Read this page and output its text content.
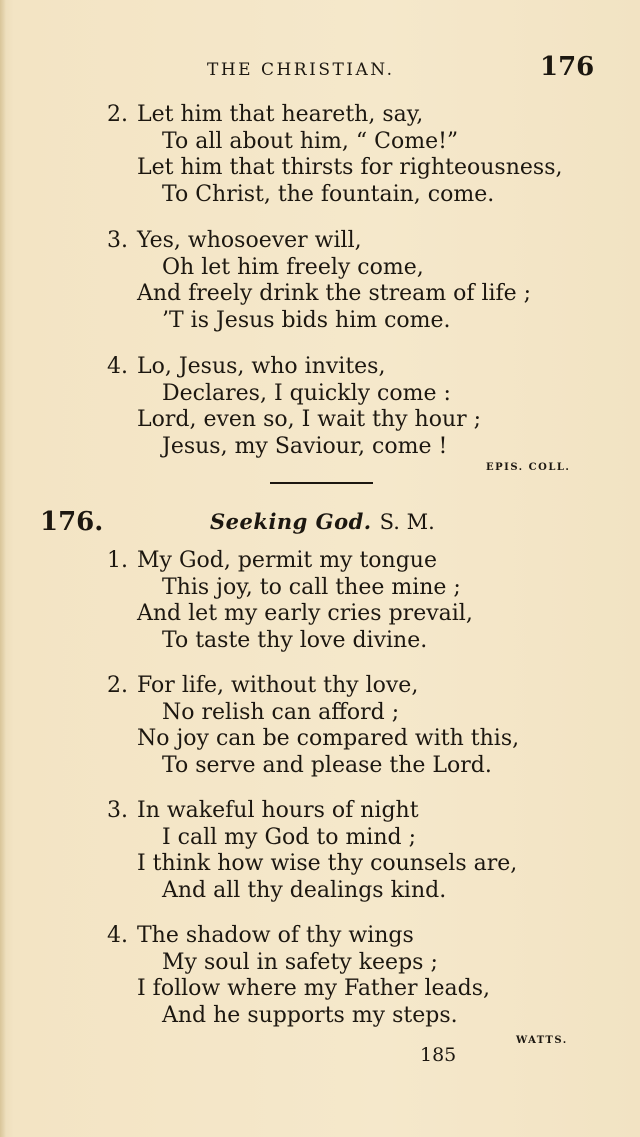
THE CHRISTIAN.	176
2. Let him that heareth, say,
To all about him, “ Come!”
Let him that thirsts for righteousness,
To Christ, the fountain, come.
3. Yes, whosoever will,
Oh let him freely come,
And freely drink the stream of life ;
’T is Jesus bids him come.
4. Lo, Jesus, who invites,
Declares, I quickly come :
Lord, even so, I wait thy hour ;
Jesus, my Saviour, come !
EPIS. COLL.
176.	Seeking God. S. M.
1. My God, permit my tongue
This joy, to call thee mine ;
And let my early cries prevail,
To taste thy love divine.
2. For life, without thy love,
No relish can afford ;
No joy can be compared with this,
To serve and please the Lord.
3. In wakeful hours of night
I call my God to mind ;
I think how wise thy counsels are,
And all thy dealings kind.
4. The shadow of thy wings
My soul in safety keeps ;
I follow where my Father leads,
And he supports my steps.
WATTS.
185
